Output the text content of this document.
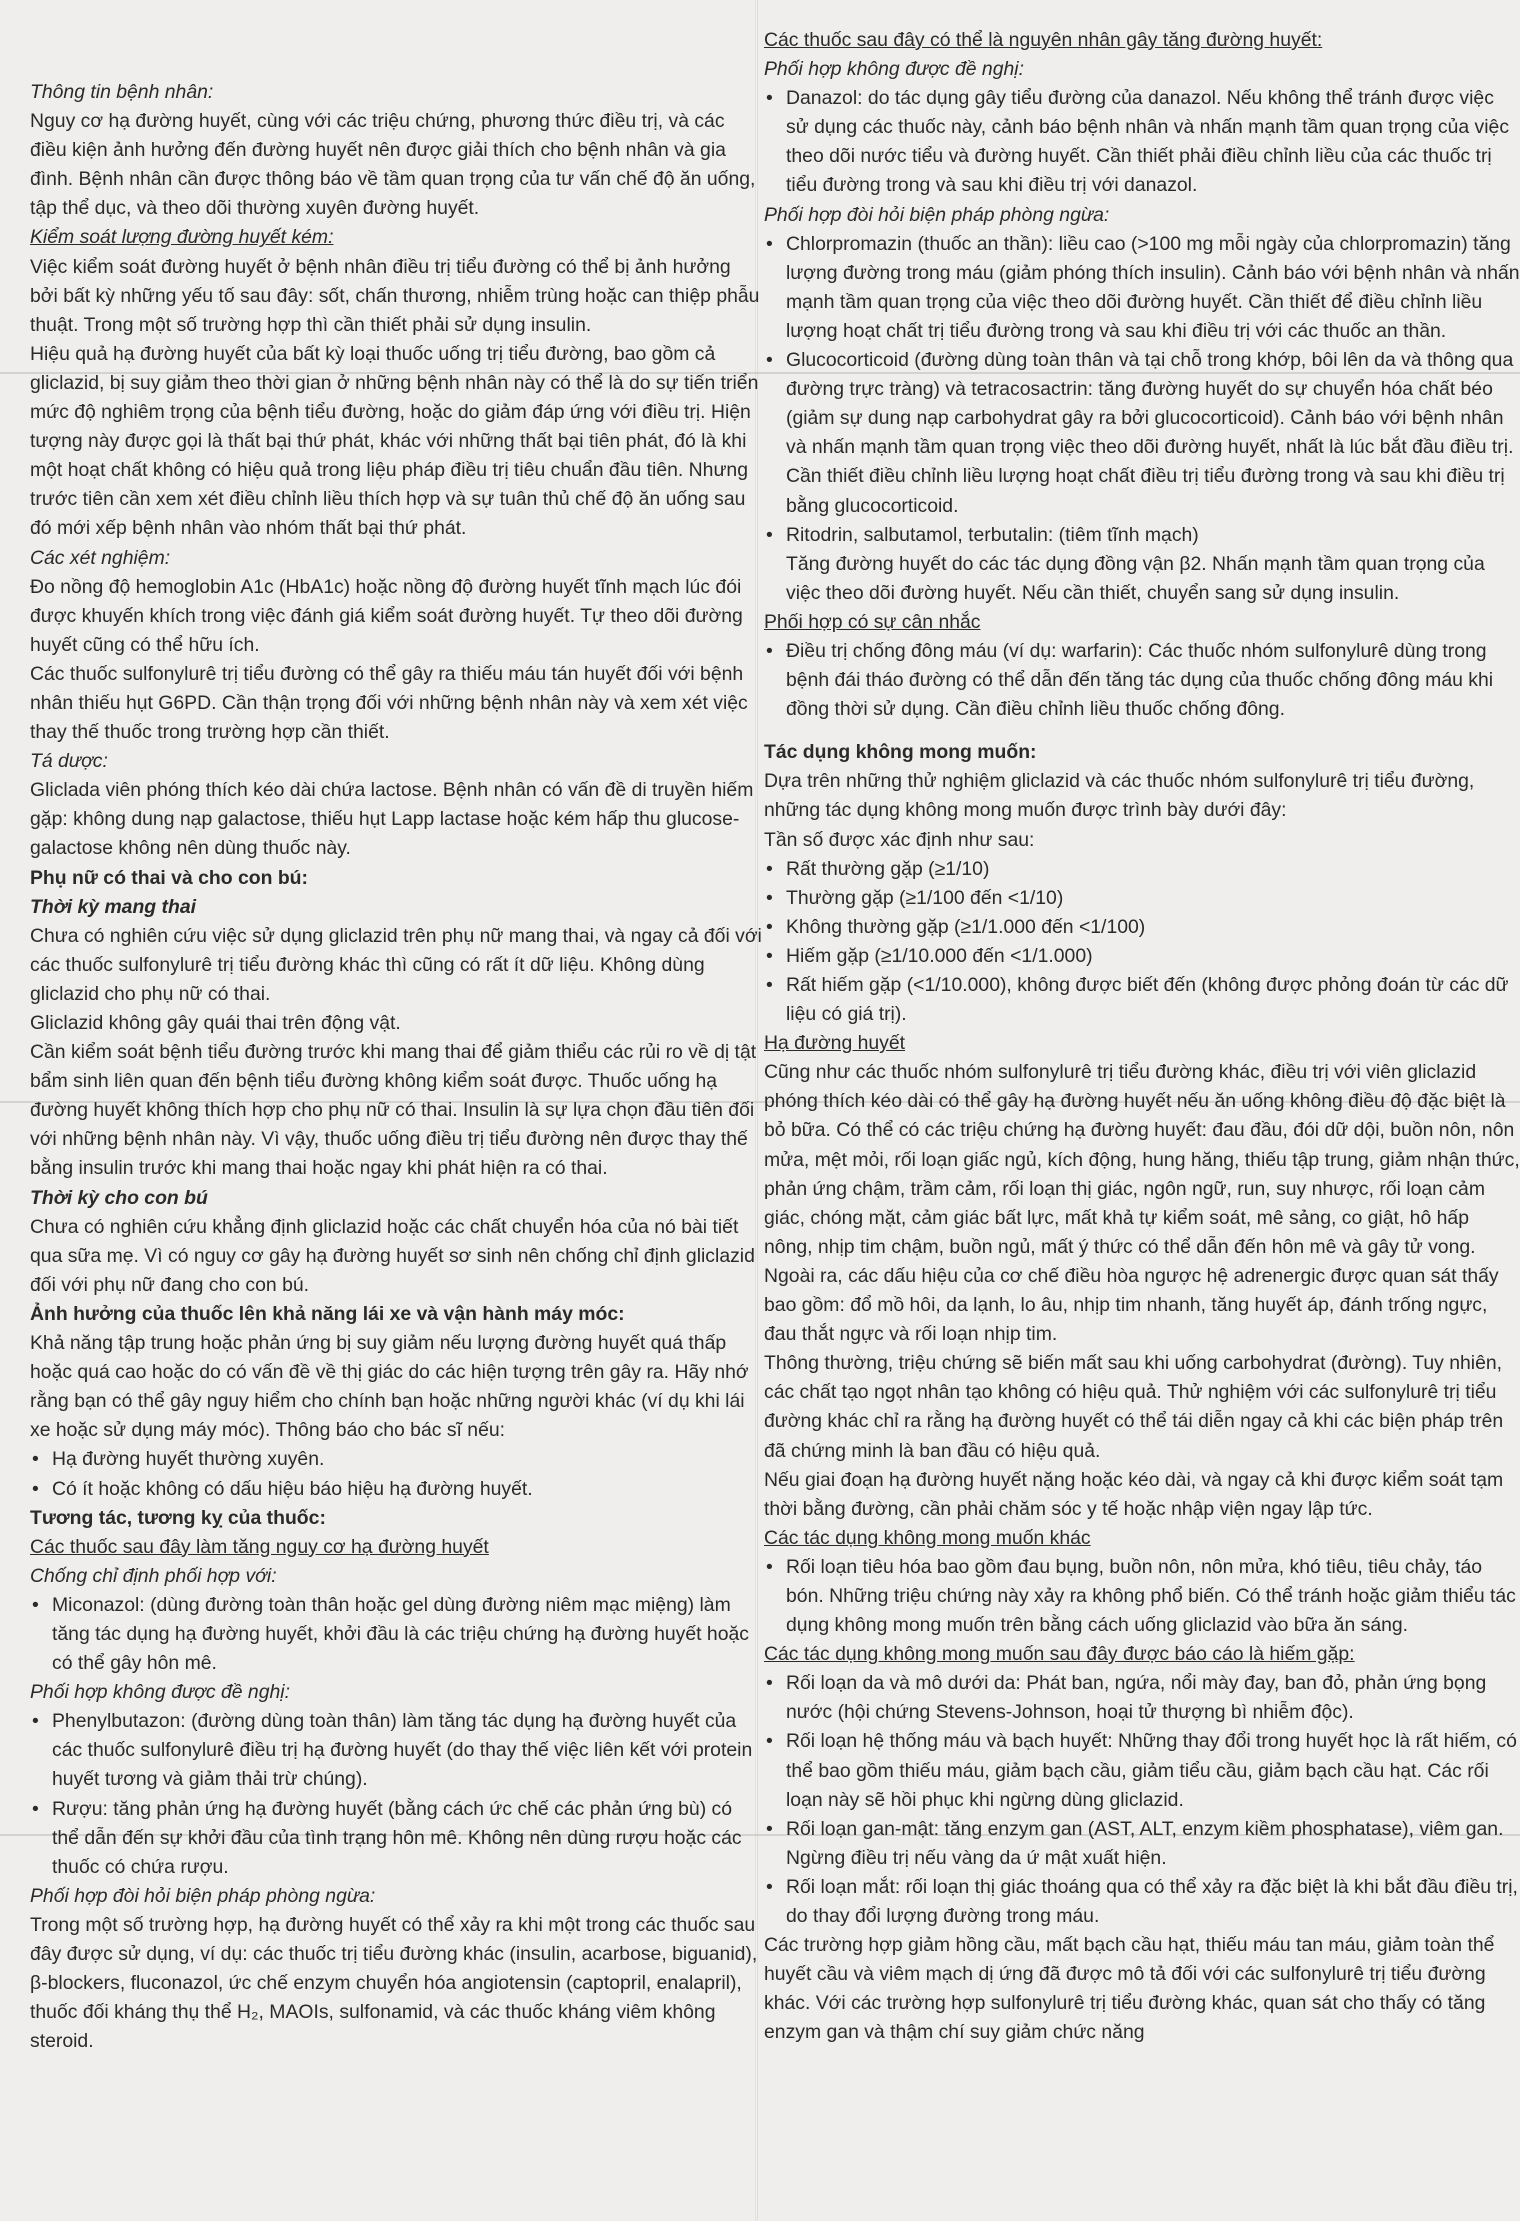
Thông tin bệnh nhân:

Nguy cơ hạ đường huyết, cùng với các triệu chứng, phương thức điều trị, và các điều kiện ảnh hưởng đến đường huyết nên được giải thích cho bệnh nhân và gia đình. Bệnh nhân cần được thông báo về tầm quan trọng của tư vấn chế độ ăn uống, tập thể dục, và theo dõi thường xuyên đường huyết.

Kiểm soát lượng đường huyết kém:

Việc kiểm soát đường huyết ở bệnh nhân điều trị tiểu đường có thể bị ảnh hưởng bởi bất kỳ những yếu tố sau đây: sốt, chấn thương, nhiễm trùng hoặc can thiệp phẫu thuật. Trong một số trường hợp thì cần thiết phải sử dụng insulin.

Hiệu quả hạ đường huyết của bất kỳ loại thuốc uống trị tiểu đường, bao gồm cả gliclazid, bị suy giảm theo thời gian ở những bệnh nhân này có thể là do sự tiến triển mức độ nghiêm trọng của bệnh tiểu đường, hoặc do giảm đáp ứng với điều trị. Hiện tượng này được gọi là thất bại thứ phát, khác với những thất bại tiên phát, đó là khi một hoạt chất không có hiệu quả trong liệu pháp điều trị tiêu chuẩn đầu tiên. Nhưng trước tiên cần xem xét điều chỉnh liều thích hợp và sự tuân thủ chế độ ăn uống sau đó mới xếp bệnh nhân vào nhóm thất bại thứ phát.

Các xét nghiệm:

Đo nồng độ hemoglobin A1c (HbA1c) hoặc nồng độ đường huyết tĩnh mạch lúc đói được khuyến khích trong việc đánh giá kiểm soát đường huyết. Tự theo dõi đường huyết cũng có thể hữu ích.

Các thuốc sulfonylurê trị tiểu đường có thể gây ra thiếu máu tán huyết đối với bệnh nhân thiếu hụt G6PD. Cần thận trọng đối với những bệnh nhân này và xem xét việc thay thế thuốc trong trường hợp cần thiết.

Tá dược:

Gliclada viên phóng thích kéo dài chứa lactose. Bệnh nhân có vấn đề di truyền hiếm gặp: không dung nạp galactose, thiếu hụt Lapp lactase hoặc kém hấp thu glucose-galactose không nên dùng thuốc này.

Phụ nữ có thai và cho con bú:
Thời kỳ mang thai

Chưa có nghiên cứu việc sử dụng gliclazid trên phụ nữ mang thai, và ngay cả đối với các thuốc sulfonylurê trị tiểu đường khác thì cũng có rất ít dữ liệu. Không dùng gliclazid cho phụ nữ có thai.

Gliclazid không gây quái thai trên động vật.

Cần kiểm soát bệnh tiểu đường trước khi mang thai để giảm thiểu các rủi ro về dị tật bẩm sinh liên quan đến bệnh tiểu đường không kiểm soát được. Thuốc uống hạ đường huyết không thích hợp cho phụ nữ có thai. Insulin là sự lựa chọn đầu tiên đối với những bệnh nhân này. Vì vậy, thuốc uống điều trị tiểu đường nên được thay thế bằng insulin trước khi mang thai hoặc ngay khi phát hiện ra có thai.

Thời kỳ cho con bú

Chưa có nghiên cứu khẳng định gliclazid hoặc các chất chuyển hóa của nó bài tiết qua sữa mẹ. Vì có nguy cơ gây hạ đường huyết sơ sinh nên chống chỉ định gliclazid đối với phụ nữ đang cho con bú.

Ảnh hưởng của thuốc lên khả năng lái xe và vận hành máy móc:

Khả năng tập trung hoặc phản ứng bị suy giảm nếu lượng đường huyết quá thấp hoặc quá cao hoặc do có vấn đề về thị giác do các hiện tượng trên gây ra. Hãy nhớ rằng bạn có thể gây nguy hiểm cho chính bạn hoặc những người khác (ví dụ khi lái xe hoặc sử dụng máy móc). Thông báo cho bác sĩ nếu:

• Hạ đường huyết thường xuyên.
• Có ít hoặc không có dấu hiệu báo hiệu hạ đường huyết.
Tương tác, tương kỵ của thuốc:
Các thuốc sau đây làm tăng nguy cơ hạ đường huyết
Chống chỉ định phối hợp với:
• Miconazol: (dùng đường toàn thân hoặc gel dùng đường niêm mạc miệng) làm tăng tác dụng hạ đường huyết, khởi đầu là các triệu chứng hạ đường huyết hoặc có thể gây hôn mê.
Phối hợp không được đề nghị:
• Phenylbutazon: (đường dùng toàn thân) làm tăng tác dụng hạ đường huyết của các thuốc sulfonylurê điều trị hạ đường huyết (do thay thế việc liên kết với protein huyết tương và giảm thải trừ chúng).
• Rượu: tăng phản ứng hạ đường huyết (bằng cách ức chế các phản ứng bù) có thể dẫn đến sự khởi đầu của tình trạng hôn mê. Không nên dùng rượu hoặc các thuốc có chứa rượu.
Phối hợp đòi hỏi biện pháp phòng ngừa:

Trong một số trường hợp, hạ đường huyết có thể xảy ra khi một trong các thuốc sau đây được sử dụng, ví dụ: các thuốc trị tiểu đường khác (insulin, acarbose, biguanid), β-blockers, fluconazol, ức chế enzym chuyển hóa angiotensin (captopril, enalapril), thuốc đối kháng thụ thể H₂, MAOIs, sulfonamid, và các thuốc kháng viêm không steroid.

Các thuốc sau đây có thể là nguyên nhân gây tăng đường huyết:
Phối hợp không được đề nghị:
• Danazol: do tác dụng gây tiểu đường của danazol. Nếu không thể tránh được việc sử dụng các thuốc này, cảnh báo bệnh nhân và nhấn mạnh tầm quan trọng của việc theo dõi nước tiểu và đường huyết. Cần thiết phải điều chỉnh liều của các thuốc trị tiểu đường trong và sau khi điều trị với danazol.
Phối hợp đòi hỏi biện pháp phòng ngừa:
• Chlorpromazin (thuốc an thần): liều cao (>100 mg mỗi ngày của chlorpromazin) tăng lượng đường trong máu (giảm phóng thích insulin). Cảnh báo với bệnh nhân và nhấn mạnh tầm quan trọng của việc theo dõi đường huyết. Cần thiết để điều chỉnh liều lượng hoạt chất trị tiểu đường trong và sau khi điều trị với các thuốc an thần.
• Glucocorticoid (đường dùng toàn thân và tại chỗ trong khớp, bôi lên da và thông qua đường trực tràng) và tetracosactrin: tăng đường huyết do sự chuyển hóa chất béo (giảm sự dung nạp carbohydrat gây ra bởi glucocorticoid). Cảnh báo với bệnh nhân và nhấn mạnh tầm quan trọng việc theo dõi đường huyết, nhất là lúc bắt đầu điều trị. Cần thiết điều chỉnh liều lượng hoạt chất điều trị tiểu đường trong và sau khi điều trị bằng glucocorticoid.
• Ritodrin, salbutamol, terbutalin: (tiêm tĩnh mạch)

Tăng đường huyết do các tác dụng đồng vận β2. Nhấn mạnh tầm quan trọng của việc theo dõi đường huyết. Nếu cần thiết, chuyển sang sử dụng insulin.

Phối hợp có sự cân nhắc
• Điều trị chống đông máu (ví dụ: warfarin): Các thuốc nhóm sulfonylurê dùng trong bệnh đái tháo đường có thể dẫn đến tăng tác dụng của thuốc chống đông máu khi đồng thời sử dụng. Cần điều chỉnh liều thuốc chống đông.
Tác dụng không mong muốn:

Dựa trên những thử nghiệm gliclazid và các thuốc nhóm sulfonylurê trị tiểu đường, những tác dụng không mong muốn được trình bày dưới đây:

Tần số được xác định như sau:

• Rất thường gặp (≥1/10)
• Thường gặp (≥1/100 đến <1/10)
• Không thường gặp (≥1/1.000 đến <1/100)
• Hiếm gặp (≥1/10.000 đến <1/1.000)
• Rất hiếm gặp (<1/10.000), không được biết đến (không được phỏng đoán từ các dữ liệu có giá trị).
Hạ đường huyết

Cũng như các thuốc nhóm sulfonylurê trị tiểu đường khác, điều trị với viên gliclazid phóng thích kéo dài có thể gây hạ đường huyết nếu ăn uống không điều độ đặc biệt là bỏ bữa. Có thể có các triệu chứng hạ đường huyết: đau đầu, đói dữ dội, buồn nôn, nôn mửa, mệt mỏi, rối loạn giấc ngủ, kích động, hung hăng, thiếu tập trung, giảm nhận thức, phản ứng chậm, trầm cảm, rối loạn thị giác, ngôn ngữ, run, suy nhược, rối loạn cảm giác, chóng mặt, cảm giác bất lực, mất khả tự kiểm soát, mê sảng, co giật, hô hấp nông, nhịp tim chậm, buồn ngủ, mất ý thức có thể dẫn đến hôn mê và gây tử vong.

Ngoài ra, các dấu hiệu của cơ chế điều hòa ngược hệ adrenergic được quan sát thấy bao gồm: đổ mồ hôi, da lạnh, lo âu, nhịp tim nhanh, tăng huyết áp, đánh trống ngực, đau thắt ngực và rối loạn nhịp tim.

Thông thường, triệu chứng sẽ biến mất sau khi uống carbohydrat (đường). Tuy nhiên, các chất tạo ngọt nhân tạo không có hiệu quả. Thử nghiệm với các sulfonylurê trị tiểu đường khác chỉ ra rằng hạ đường huyết có thể tái diễn ngay cả khi các biện pháp trên đã chứng minh là ban đầu có hiệu quả.

Nếu giai đoạn hạ đường huyết nặng hoặc kéo dài, và ngay cả khi được kiểm soát tạm thời bằng đường, cần phải chăm sóc y tế hoặc nhập viện ngay lập tức.

Các tác dụng không mong muốn khác
• Rối loạn tiêu hóa bao gồm đau bụng, buồn nôn, nôn mửa, khó tiêu, tiêu chảy, táo bón. Những triệu chứng này xảy ra không phổ biến. Có thể tránh hoặc giảm thiểu tác dụng không mong muốn trên bằng cách uống gliclazid vào bữa ăn sáng.
Các tác dụng không mong muốn sau đây được báo cáo là hiếm gặp:
• Rối loạn da và mô dưới da: Phát ban, ngứa, nổi mày đay, ban đỏ, phản ứng bọng nước (hội chứng Stevens-Johnson, hoại tử thượng bì nhiễm độc).
• Rối loạn hệ thống máu và bạch huyết: Những thay đổi trong huyết học là rất hiếm, có thể bao gồm thiếu máu, giảm bạch cầu, giảm tiểu cầu, giảm bạch cầu hạt. Các rối loạn này sẽ hồi phục khi ngừng dùng gliclazid.
• Rối loạn gan-mật: tăng enzym gan (AST, ALT, enzym kiềm phosphatase), viêm gan. Ngừng điều trị nếu vàng da ứ mật xuất hiện.
• Rối loạn mắt: rối loạn thị giác thoáng qua có thể xảy ra đặc biệt là khi bắt đầu điều trị, do thay đổi lượng đường trong máu.

Các trường hợp giảm hồng cầu, mất bạch cầu hạt, thiếu máu tan máu, giảm toàn thể huyết cầu và viêm mạch dị ứng đã được mô tả đối với các sulfonylurê trị tiểu đường khác. Với các trường hợp sulfonylurê trị tiểu đường khác, quan sát cho thấy có tăng enzym gan và thậm chí suy giảm chức năng
